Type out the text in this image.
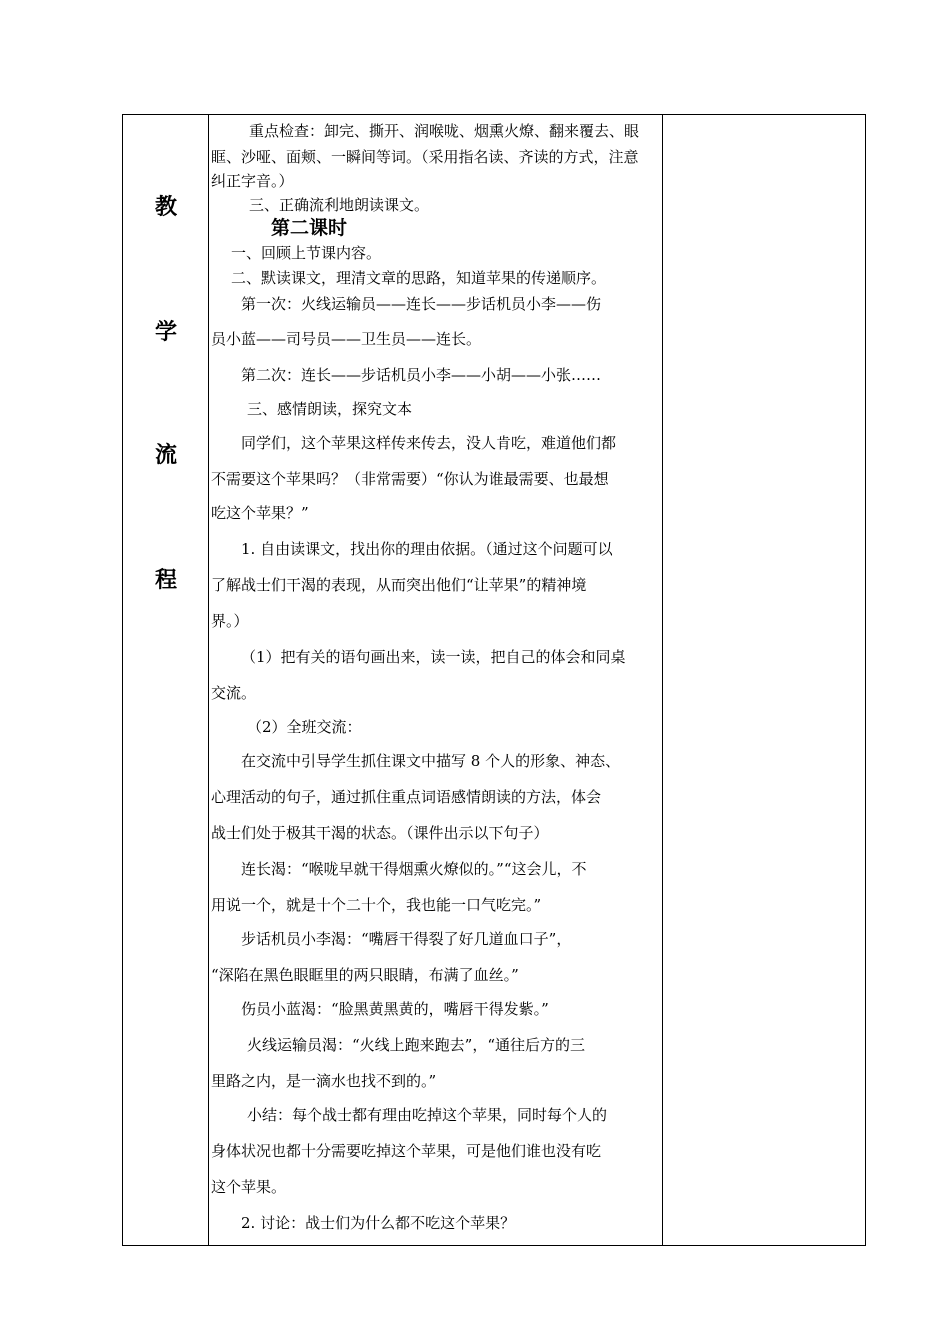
教
学
流
程
重点检查：卸完、撕开、润喉咙、烟熏火燎、翻来覆去、眼
眶、沙哑、面颊、一瞬间等词。（采用指名读、齐读的方式，注意
纠正字音。）
三、正确流利地朗读课文。
第二课时
一、回顾上节课内容。
二、默读课文，理清文章的思路，知道苹果的传递顺序。
第一次：火线运输员——连长——步话机员小李——伤
员小蓝——司号员——卫生员——连长。
第二次：连长——步话机员小李——小胡——小张……
三、感情朗读，探究文本
同学们，这个苹果这样传来传去，没人肯吃，难道他们都
不需要这个苹果吗？（非常需要）“你认为谁最需要、也最想
吃这个苹果？”
1. 自由读课文，找出你的理由依据。（通过这个问题可以
了解战士们干渴的表现，从而突出他们“让苹果”的精神境
界。）
（1）把有关的语句画出来，读一读，把自己的体会和同桌
交流。
（2）全班交流：
在交流中引导学生抓住课文中描写 8 个人的形象、神态、
心理活动的句子，通过抓住重点词语感情朗读的方法，体会
战士们处于极其干渴的状态。（课件出示以下句子）
连长渴：“喉咙早就干得烟熏火燎似的。”“这会儿，不
用说一个，就是十个二十个，我也能一口气吃完。”
步话机员小李渴：“嘴唇干得裂了好几道血口子”，
“深陷在黑色眼眶里的两只眼睛，布满了血丝。”
伤员小蓝渴：“脸黑黄黑黄的，嘴唇干得发紫。”
火线运输员渴：“火线上跑来跑去”，“通往后方的三
里路之内，是一滴水也找不到的。”
小结：每个战士都有理由吃掉这个苹果，同时每个人的
身体状况也都十分需要吃掉这个苹果，可是他们谁也没有吃
这个苹果。
2. 讨论：战士们为什么都不吃这个苹果？
